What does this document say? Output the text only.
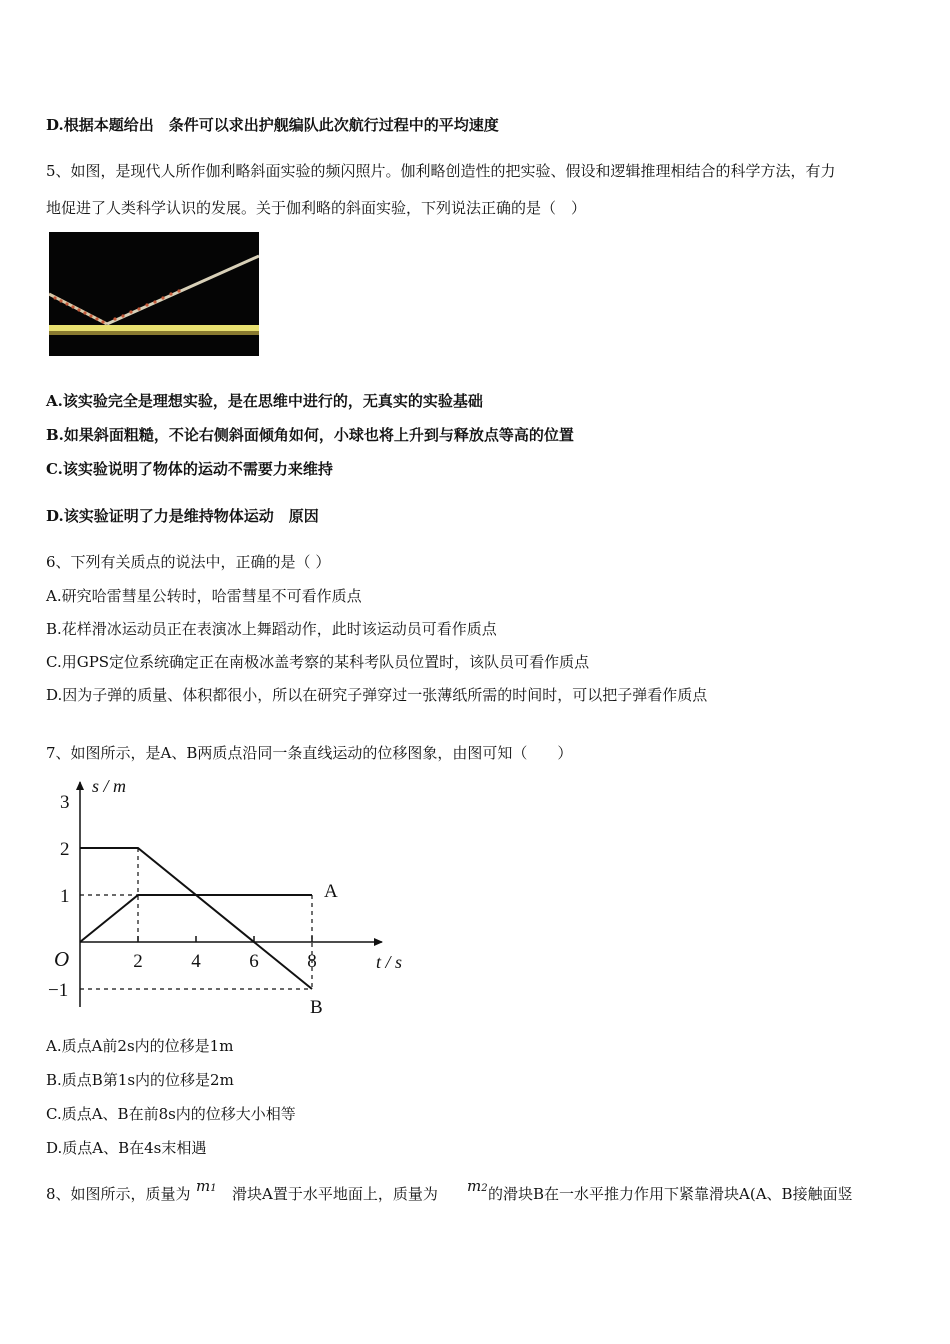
D.根据本题给出　条件可以求出护舰编队此次航行过程中的平均速度
5、如图，是现代人所作伽利略斜面实验的频闪照片。伽利略创造性的把实验、假设和逻辑推理相结合的科学方法，有力
地促进了人类科学认识的发展。关于伽利略的斜面实验，下列说法正确的是（　）
A.该实验完全是理想实验，是在思维中进行的，无真实的实验基础
B.如果斜面粗糙，不论右侧斜面倾角如何，小球也将上升到与释放点等高的位置
C.该实验说明了物体的运动不需要力来维持
D.该实验证明了力是维持物体运动　原因
6、下列有关质点的说法中，正确的是（ ）
A.研究哈雷彗星公转时，哈雷彗星不可看作质点
B.花样滑冰运动员正在表演冰上舞蹈动作，此时该运动员可看作质点
C.用GPS定位系统确定正在南极冰盖考察的某科考队员位置时，该队员可看作质点
D.因为子弹的质量、体积都很小，所以在研究子弹穿过一张薄纸所需的时间时，可以把子弹看作质点
7、如图所示，是A、B两质点沿同一条直线运动的位移图象，由图可知（　　）
s / m
t / s
O	2	4	6	8
3
2
1
−1
A
B
A.质点A前2s内的位移是1m
B.质点B第1s内的位移是2m
C.质点A、B在前8s内的位移大小相等
D.质点A、B在4s末相遇
8、如图所示，质量为 m1 滑块A置于水平地面上，质量为 m2 的滑块B在一水平推力作用下紧靠滑块A(A、B接触面竖
